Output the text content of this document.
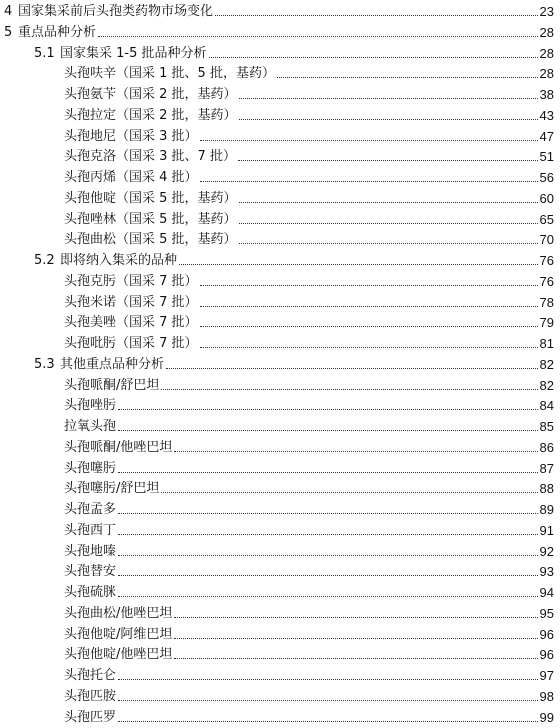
4 国家集采前后头孢类药物市场变化	23
5 重点品种分析	28
5.1 国家集采 1-5 批品种分析	28
头孢呋辛（国采 1 批、5 批，基药）	28
头孢氨苄（国采 2 批，基药）	38
头孢拉定（国采 2 批，基药）	43
头孢地尼（国采 3 批）	47
头孢克洛（国采 3 批、7 批）	51
头孢丙烯（国采 4 批）	56
头孢他啶（国采 5 批，基药）	60
头孢唑林（国采 5 批，基药）	65
头孢曲松（国采 5 批，基药）	70
5.2 即将纳入集采的品种	76
头孢克肟（国采 7 批）	76
头孢米诺（国采 7 批）	78
头孢美唑（国采 7 批）	79
头孢吡肟（国采 7 批）	81
5.3 其他重点品种分析	82
头孢哌酮/舒巴坦	82
头孢唑肟	84
拉氧头孢	85
头孢哌酮/他唑巴坦	86
头孢噻肟	87
头孢噻肟/舒巴坦	88
头孢孟多	89
头孢西丁	91
头孢地嗪	92
头孢替安	93
头孢硫脒	94
头孢曲松/他唑巴坦	95
头孢他啶/阿维巴坦	96
头孢他啶/他唑巴坦	96
头孢托仑	97
头孢匹胺	98
头孢匹罗	99
